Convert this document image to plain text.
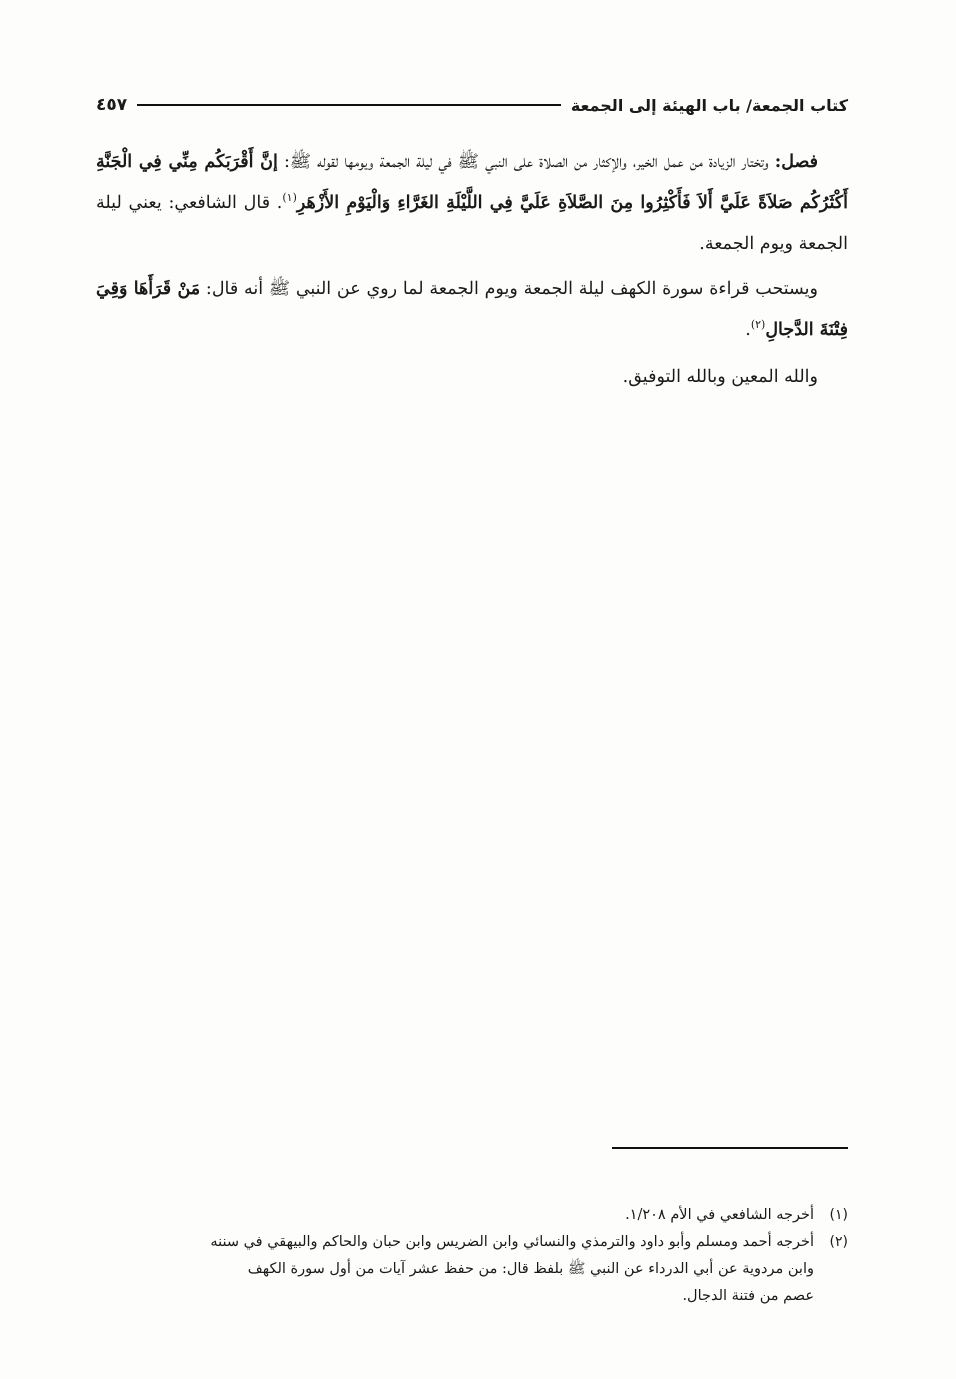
كتاب الجمعة/ باب الهيئة إلى الجمعة
٤٥٧

فصل: وتختار الزيادة من عمل الخير، والإكثار من الصلاة على النبي ﷺ في ليلة الجمعة ويومها لقوله ﷺ: إنَّ أَقْرَبَكُم مِنِّي فِي الْجَنَّةِ أَكْثَرُكُم صَلاَةً عَلَيَّ أَلاَ فَأَكْثِرُوا مِنَ الصَّلاَةِ عَلَيَّ فِي اللَّيْلَةِ الغَرَّاءِ وَالْيَوْمِ الأَزْهَرِ$^{(١)}$. قال الشافعي: يعني ليلة الجمعة ويوم الجمعة.

ويستحب قراءة سورة الكهف ليلة الجمعة ويوم الجمعة لما روي عن النبي ﷺ أنه قال: مَنْ قَرَأَهَا وَقِيَ فِتْنَةَ الدَّجالِ$^{(٢)}$.

والله المعين وبالله التوفيق.

(١)
أخرجه الشافعي في الأم ١/٢٠٨.
(٢)
أخرجه أحمد ومسلم وأبو داود والترمذي والنسائي وابن الضريس وابن حبان والحاكم والبيهقي في سننه
وابن مردوية عن أبي الدرداء عن النبي ﷺ بلفظ قال: من حفظ عشر آيات من أول سورة الكهف
عصم من فتنة الدجال.
